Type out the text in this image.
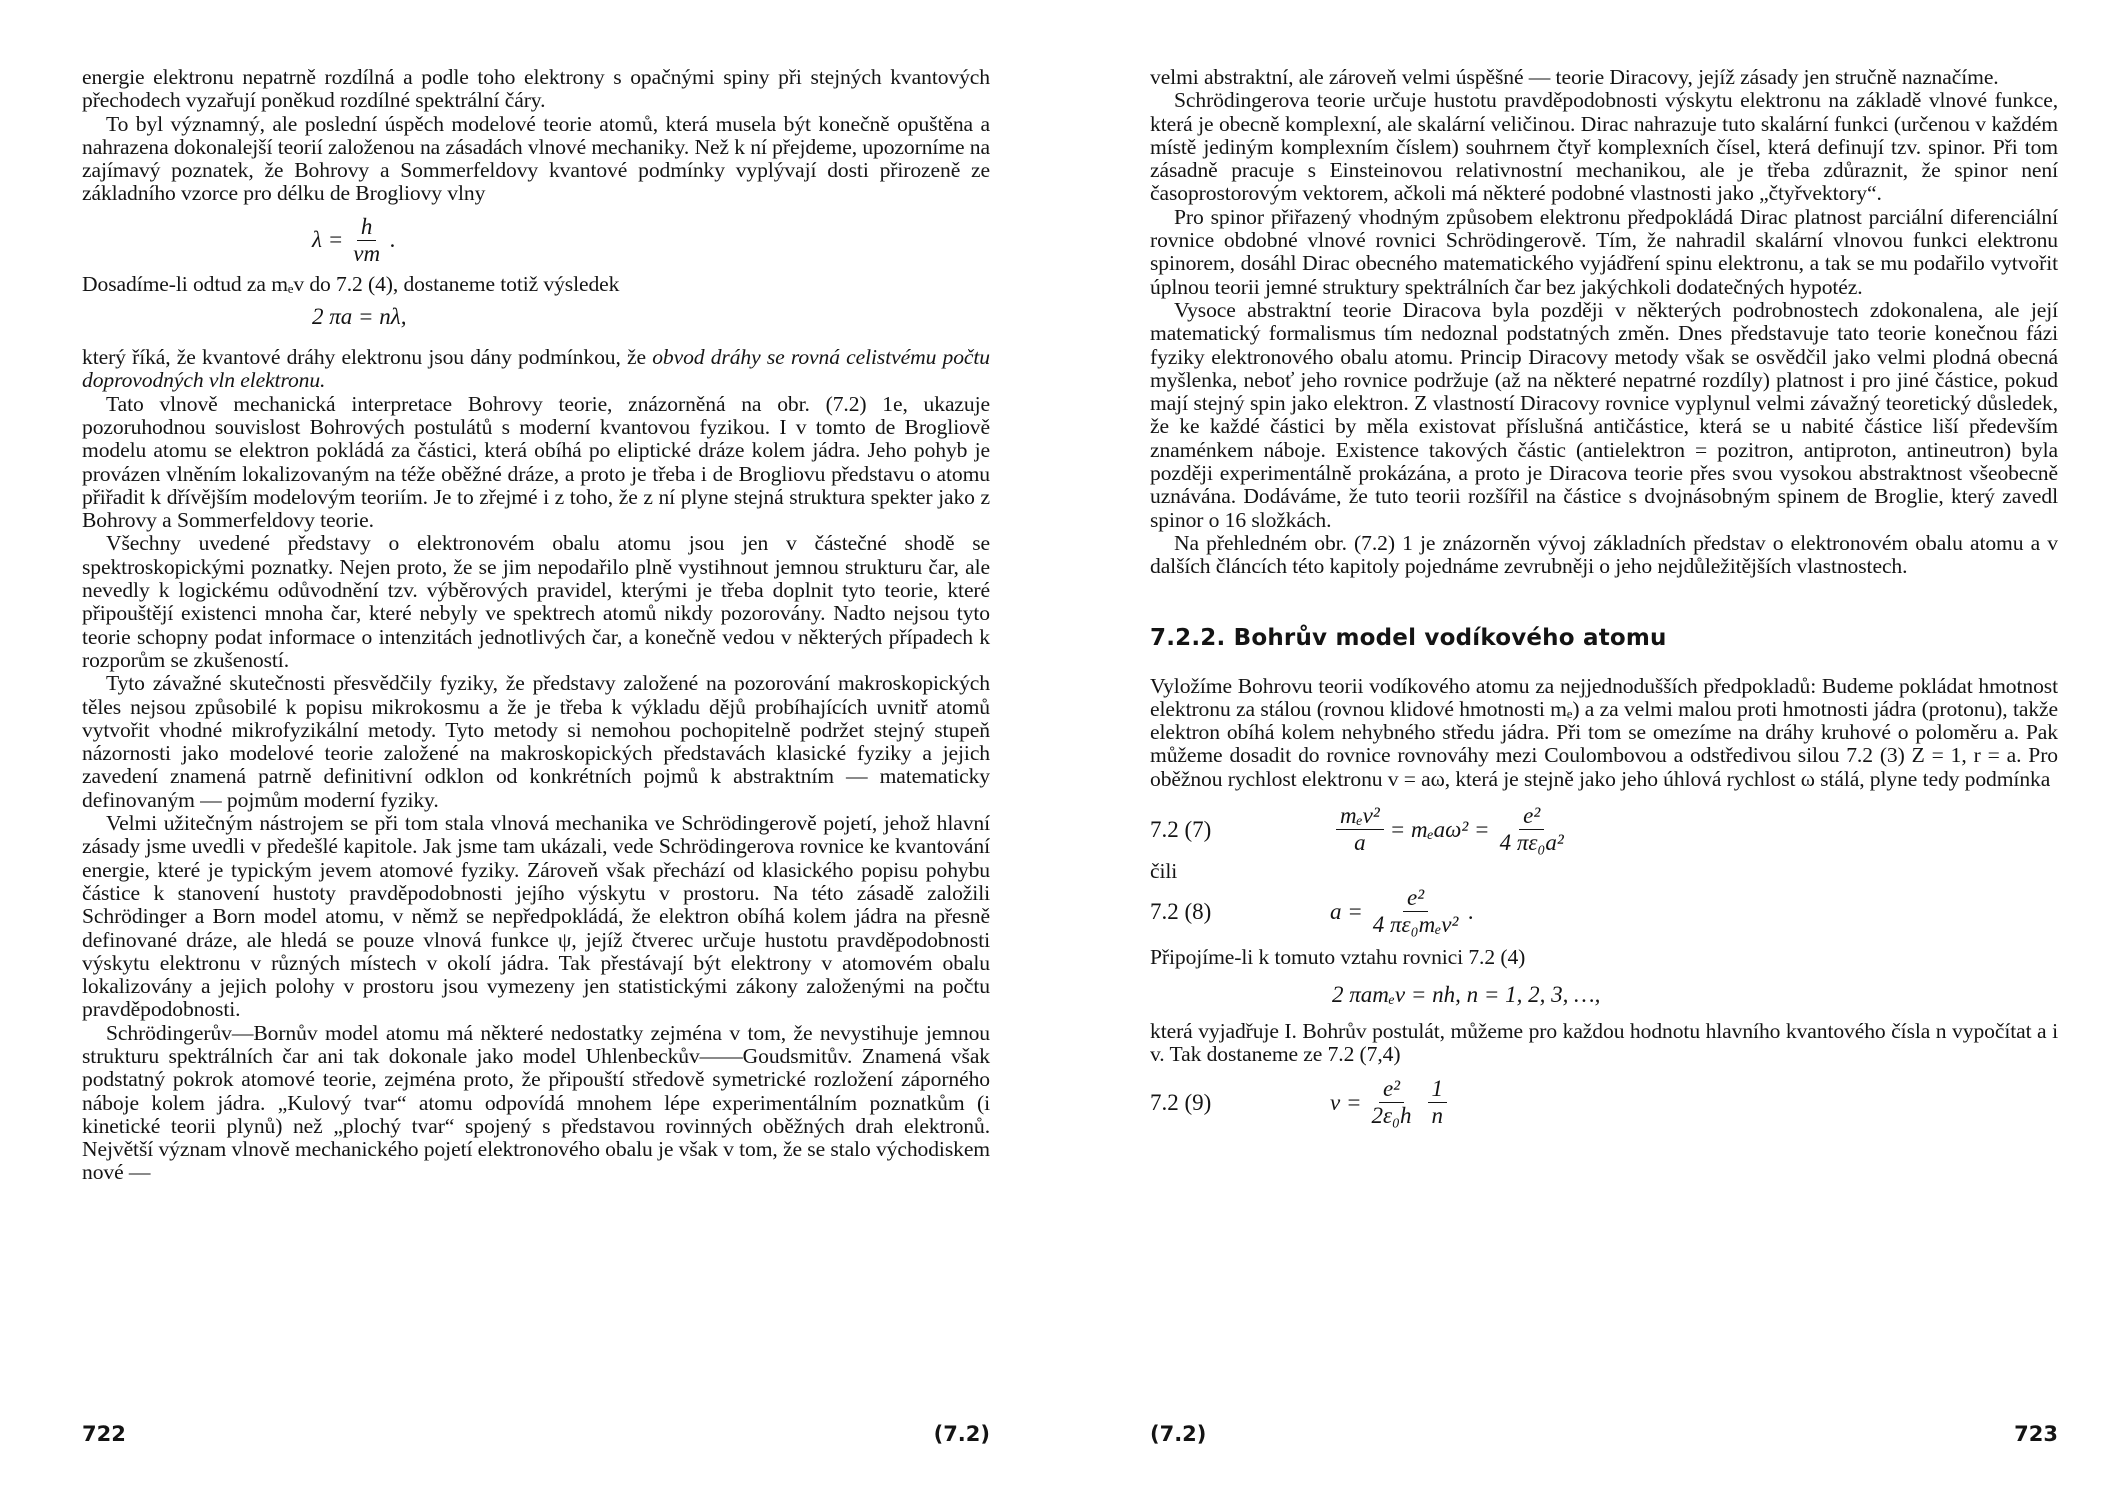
energie elektronu nepatrně rozdílná a podle toho elektrony s opačnými spiny při stejných kvantových přechodech vyzařují poněkud rozdílné spektrální čáry.

To byl významný, ale poslední úspěch modelové teorie atomů, která musela být konečně opuštěna a nahrazena dokonalejší teorií založenou na zásadách vlnové mechaniky. Než k ní přejdeme, upozorníme na zajímavý poznatek, že Bohrovy a Sommerfeldovy kvantové podmínky vyplývají dosti přirozeně ze základního vzorce pro délku de Brogliovy vlny

$\lambda = \frac{h}{vm}$ .

Dosadíme-li odtud za mₑv do 7.2 (4), dostaneme totiž výsledek

2 πa = nλ,

který říká, že kvantové dráhy elektronu jsou dány podmínkou, že obvod dráhy se rovná celistvému počtu doprovodných vln elektronu.

Tato vlnově mechanická interpretace Bohrovy teorie, znázorněná na obr. (7.2) 1e, ukazuje pozoruhodnou souvislost Bohrových postulátů s moderní kvantovou fyzikou. I v tomto de Brogliově modelu atomu se elektron pokládá za částici, která obíhá po eliptické dráze kolem jádra. Jeho pohyb je provázen vlněním lokalizovaným na téže oběžné dráze, a proto je třeba i de Brogliovu představu o atomu přiřadit k dřívějším modelovým teoriím. Je to zřejmé i z toho, že z ní plyne stejná struktura spekter jako z Bohrovy a Sommerfeldovy teorie.

Všechny uvedené představy o elektronovém obalu atomu jsou jen v částečné shodě se spektroskopickými poznatky. Nejen proto, že se jim nepodařilo plně vystihnout jemnou strukturu čar, ale nevedly k logickému odůvodnění tzv. výběrových pravidel, kterými je třeba doplnit tyto teorie, které připouštějí existenci mnoha čar, které nebyly ve spektrech atomů nikdy pozorovány. Nadto nejsou tyto teorie schopny podat informace o intenzitách jednotlivých čar, a konečně vedou v některých případech k rozporům se zkušeností.

Tyto závažné skutečnosti přesvědčily fyziky, že představy založené na pozorování makroskopických těles nejsou způsobilé k popisu mikrokosmu a že je třeba k výkladu dějů probíhajících uvnitř atomů vytvořit vhodné mikrofyzikální metody. Tyto metody si nemohou pochopitelně podržet stejný stupeň názornosti jako modelové teorie založené na makroskopických představách klasické fyziky a jejich zavedení znamená patrně definitivní odklon od konkrétních pojmů k abstraktním — matematicky definovaným — pojmům moderní fyziky.

Velmi užitečným nástrojem se při tom stala vlnová mechanika ve Schrödingerově pojetí, jehož hlavní zásady jsme uvedli v předešlé kapitole. Jak jsme tam ukázali, vede Schrödingerova rovnice ke kvantování energie, které je typickým jevem atomové fyziky. Zároveň však přechází od klasického popisu pohybu částice k stanovení hustoty pravděpodobnosti jejího výskytu v prostoru. Na této zásadě založili Schrödinger a Born model atomu, v němž se nepředpokládá, že elektron obíhá kolem jádra na přesně definované dráze, ale hledá se pouze vlnová funkce ψ, jejíž čtverec určuje hustotu pravděpodobnosti výskytu elektronu v různých místech v okolí jádra. Tak přestávají být elektrony v atomovém obalu lokalizovány a jejich polohy v prostoru jsou vymezeny jen statistickými zákony založenými na počtu pravděpodobnosti.

Schrödingerův—Bornův model atomu má některé nedostatky zejména v tom, že nevystihuje jemnou strukturu spektrálních čar ani tak dokonale jako model Uhlenbeckův——Goudsmitův. Znamená však podstatný pokrok atomové teorie, zejména proto, že připouští středově symetrické rozložení záporného náboje kolem jádra. „Kulový tvar“ atomu odpovídá mnohem lépe experimentálním poznatkům (i kinetické teorii plynů) než „plochý tvar“ spojený s představou rovinných oběžných drah elektronů. Největší význam vlnově mechanického pojetí elektronového obalu je však v tom, že se stalo východiskem nové —

722	(7.2)

velmi abstraktní, ale zároveň velmi úspěšné — teorie Diracovy, jejíž zásady jen stručně naznačíme.

Schrödingerova teorie určuje hustotu pravděpodobnosti výskytu elektronu na základě vlnové funkce, která je obecně komplexní, ale skalární veličinou. Dirac nahrazuje tuto skalární funkci (určenou v každém místě jediným komplexním číslem) souhrnem čtyř komplexních čísel, která definují tzv. spinor. Při tom zásadně pracuje s Einsteinovou relativnostní mechanikou, ale je třeba zdůraznit, že spinor není časoprostorovým vektorem, ačkoli má některé podobné vlastnosti jako „čtyřvektory“.

Pro spinor přiřazený vhodným způsobem elektronu předpokládá Dirac platnost parciální diferenciální rovnice obdobné vlnové rovnici Schrödingerově. Tím, že nahradil skalární vlnovou funkci elektronu spinorem, dosáhl Dirac obecného matematického vyjádření spinu elektronu, a tak se mu podařilo vytvořit úplnou teorii jemné struktury spektrálních čar bez jakýchkoli dodatečných hypotéz.

Vysoce abstraktní teorie Diracova byla později v některých podrobnostech zdokonalena, ale její matematický formalismus tím nedoznal podstatných změn. Dnes představuje tato teorie konečnou fázi fyziky elektronového obalu atomu. Princip Diracovy metody však se osvědčil jako velmi plodná obecná myšlenka, neboť jeho rovnice podržuje (až na některé nepatrné rozdíly) platnost i pro jiné částice, pokud mají stejný spin jako elektron. Z vlastností Diracovy rovnice vyplynul velmi závažný teoretický důsledek, že ke každé částici by měla existovat příslušná antičástice, která se u nabité částice liší především znaménkem náboje. Existence takových částic (antielektron = pozitron, antiproton, antineutron) byla později experimentálně prokázána, a proto je Diracova teorie přes svou vysokou abstraktnost všeobecně uznávána. Dodáváme, že tuto teorii rozšířil na částice s dvojnásobným spinem de Broglie, který zavedl spinor o 16 složkách.

Na přehledném obr. (7.2) 1 je znázorněn vývoj základních představ o elektronovém obalu atomu a v dalších článcích této kapitoly pojednáme zevrubněji o jeho nejdůležitějších vlastnostech.

7.2.2. Bohrův model vodíkového atomu

Vyložíme Bohrovu teorii vodíkového atomu za nejjednodušších předpokladů: Budeme pokládat hmotnost elektronu za stálou (rovnou klidové hmotnosti mₑ) a za velmi malou proti hmotnosti jádra (protonu), takže elektron obíhá kolem nehybného středu jádra. Při tom se omezíme na dráhy kruhové o poloměru a. Pak můžeme dosadit do rovnice rovnováhy mezi Coulombovou a odstředivou silou 7.2 (3) Z = 1, r = a. Pro oběžnou rychlost elektronu v = aω, která je stejně jako jeho úhlová rychlost ω stálá, plyne tedy podmínka

7.2 (7)	$\frac{\text{mₑv²}}{a} = m_ea\omega^2 = \frac{\text{e²}}{\text{4 πε₀a²}}$

čili

7.2 (8)	$a = \frac{\text{e²}}{\text{4 πε₀mₑv²}}$ .

Připojíme-li k tomuto vztahu rovnici 7.2 (4)

2 πamₑv = nh, n = 1, 2, 3, …,

která vyjadřuje I. Bohrův postulát, můžeme pro každou hodnotu hlavního kvantového čísla n vypočítat a i v. Tak dostaneme ze 7.2 (7,4)

7.2 (9)	$v = \frac{\text{e²}}{\text{2ε₀h}} \frac{1}{n}$
(7.2)	723
